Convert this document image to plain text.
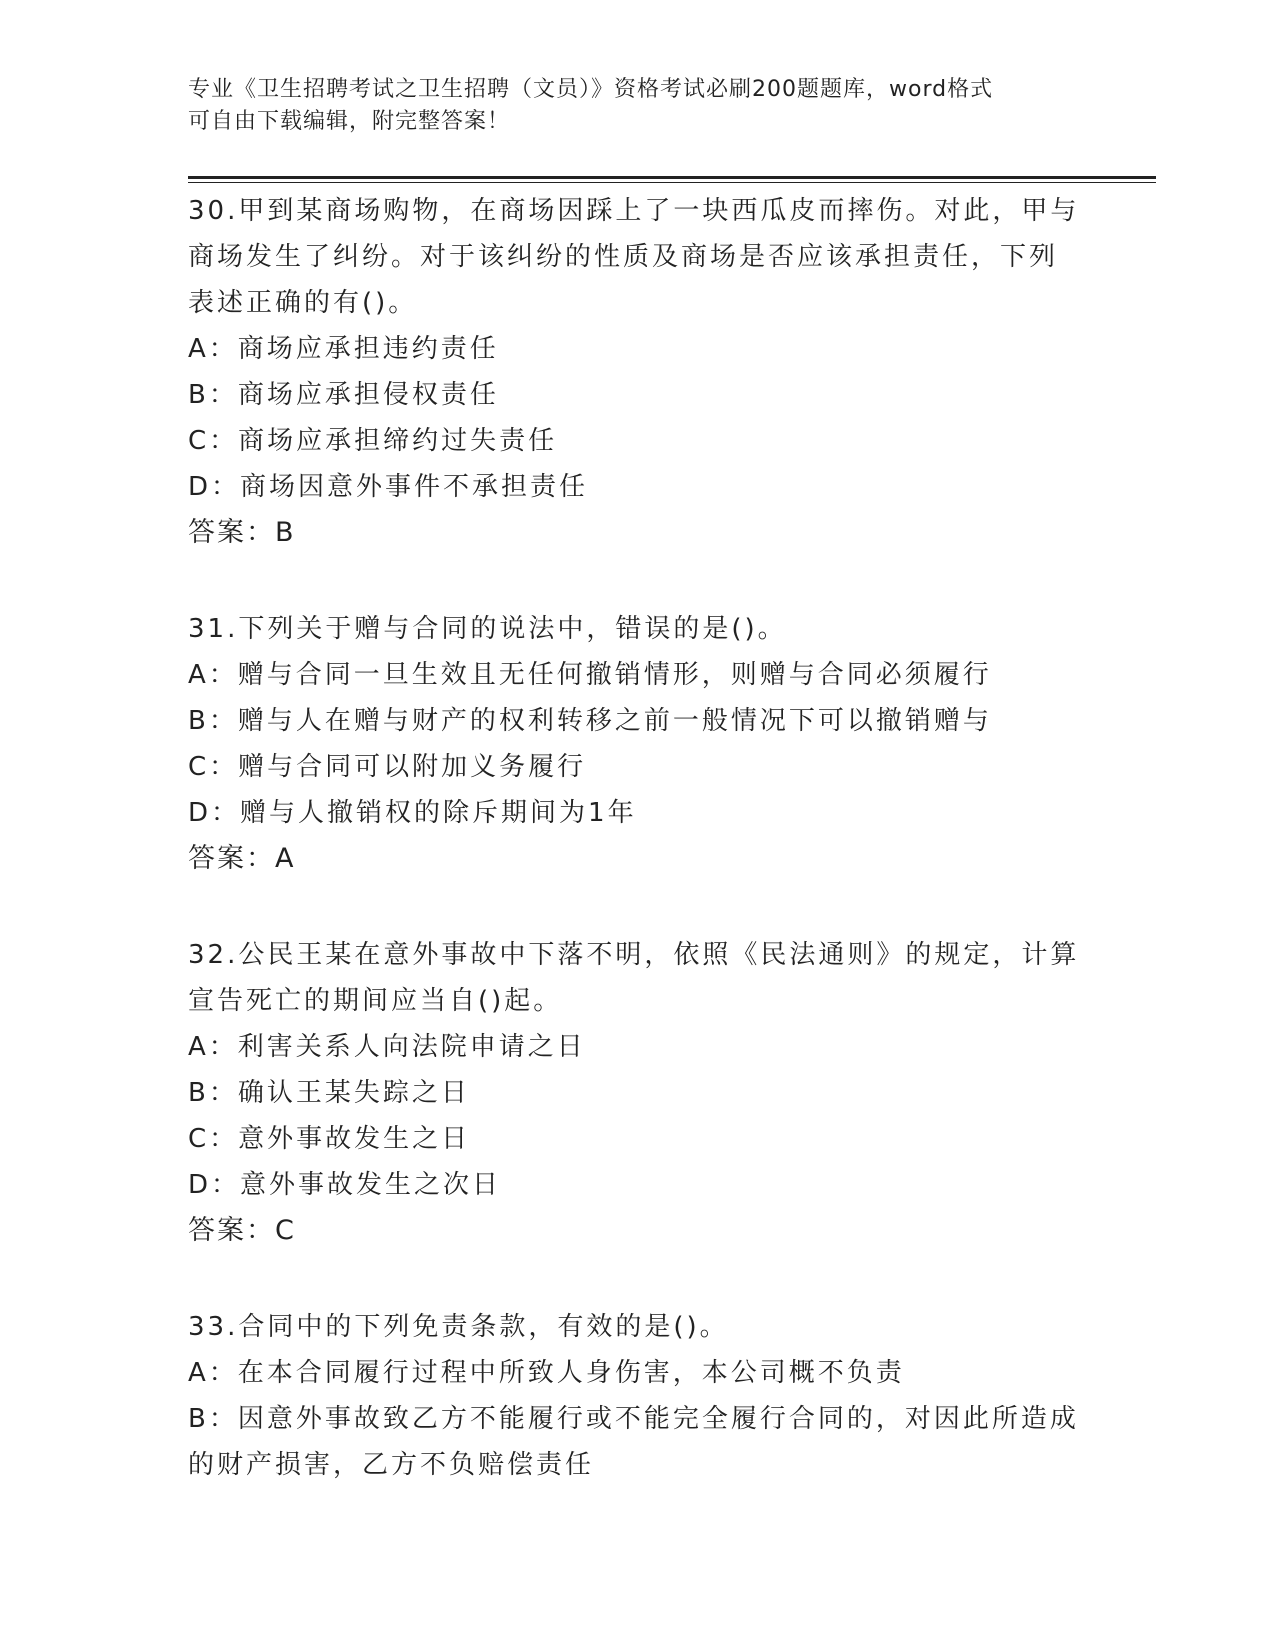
专业《卫生招聘考试之卫生招聘（文员）》资格考试必刷200题题库，word格式
可自由下载编辑，附完整答案！

30.甲到某商场购物，在商场因踩上了一块西瓜皮而摔伤。对此，甲与

商场发生了纠纷。对于该纠纷的性质及商场是否应该承担责任，下列

表述正确的有()。

A：商场应承担违约责任

B：商场应承担侵权责任

C：商场应承担缔约过失责任

D：商场因意外事件不承担责任

答案：B

31.下列关于赠与合同的说法中，错误的是()。

A：赠与合同一旦生效且无任何撤销情形，则赠与合同必须履行

B：赠与人在赠与财产的权利转移之前一般情况下可以撤销赠与

C：赠与合同可以附加义务履行

D：赠与人撤销权的除斥期间为1年

答案：A

32.公民王某在意外事故中下落不明，依照《民法通则》的规定，计算

宣告死亡的期间应当自()起。

A：利害关系人向法院申请之日

B：确认王某失踪之日

C：意外事故发生之日

D：意外事故发生之次日

答案：C

33.合同中的下列免责条款，有效的是()。

A：在本合同履行过程中所致人身伤害，本公司概不负责

B：因意外事故致乙方不能履行或不能完全履行合同的，对因此所造成

的财产损害，乙方不负赔偿责任
